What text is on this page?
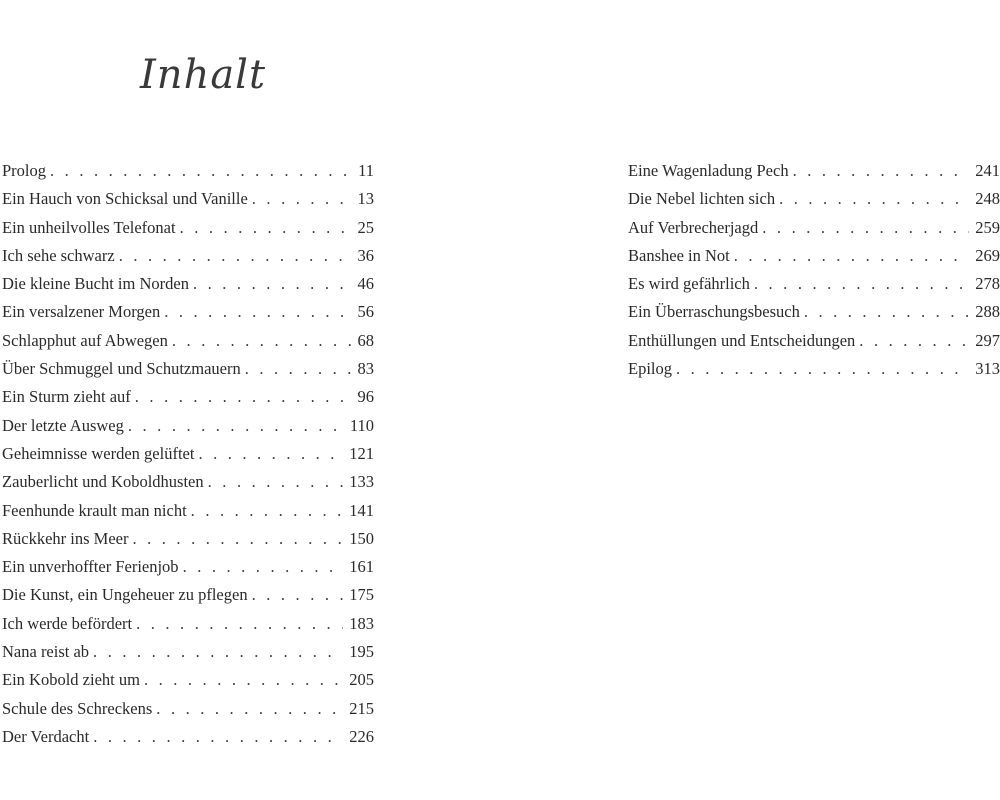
Inhalt
Prolog . . .	11
Ein Hauch von Schicksal und Vanille . . .	13
Ein unheilvolles Telefonat . . .	25
Ich sehe schwarz . . .	36
Die kleine Bucht im Norden . . .	46
Ein versalzener Morgen . . .	56
Schlapphut auf Abwegen . . .	68
Über Schmuggel und Schutzmauern . . .	83
Ein Sturm zieht auf . . .	96
Der letzte Ausweg . . .	110
Geheimnisse werden gelüftet . . .	121
Zauberlicht und Koboldhusten . . .	133
Feenhunde krault man nicht . . .	141
Rückkehr ins Meer . . .	150
Ein unverhoffter Ferienjob . . .	161
Die Kunst, ein Ungeheuer zu pflegen . . .	175
Ich werde befördert . . .	183
Nana reist ab . . .	195
Ein Kobold zieht um . . .	205
Schule des Schreckens . . .	215
Der Verdacht . . .	226
Eine Wagenladung Pech . . .	241
Die Nebel lichten sich . . .	248
Auf Verbrecherjagd . . .	259
Banshee in Not . . .	269
Es wird gefährlich . . .	278
Ein Überraschungsbesuch . . .	288
Enthüllungen und Entscheidungen . . .	297
Epilog . . .	313
